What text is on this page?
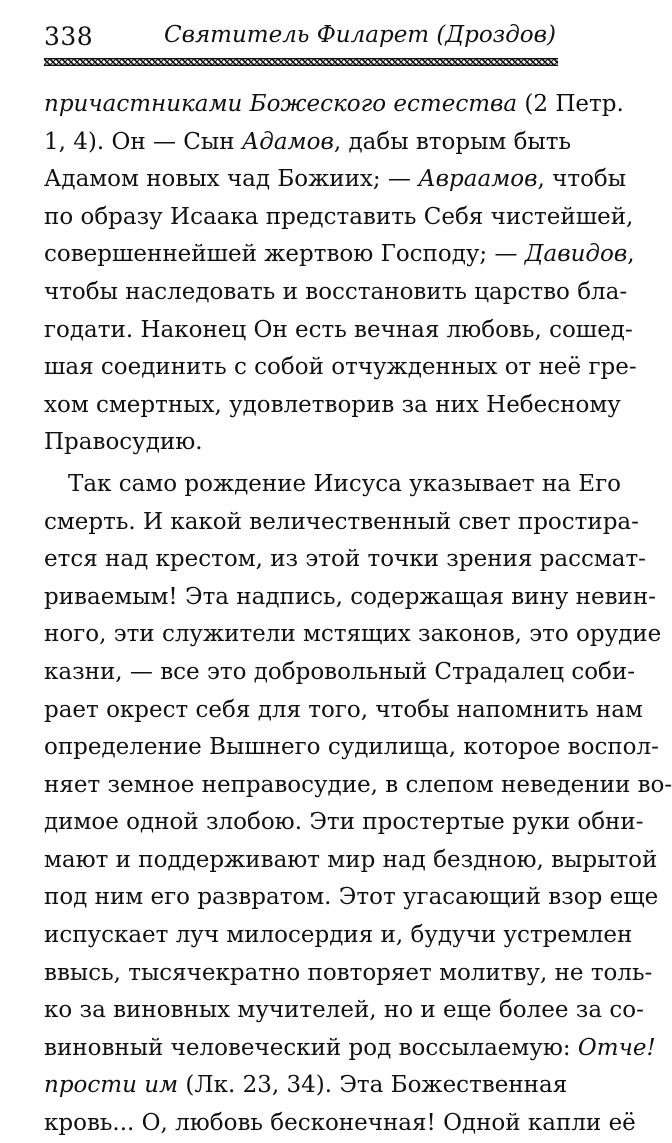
338	Святитель Филарет (Дроздов)
причастниками Божеского естества (2 Петр.
1, 4). Он — Сын Адамов, дабы вторым быть
Адамом новых чад Божиих; — Авраамов, чтобы
по образу Исаака представить Себя чистейшей,
совершеннейшей жертвою Господу; — Давидов,
чтобы наследовать и восстановить царство бла-
годати. Наконец Он есть вечная любовь, сошед-
шая соединить с собой отчужденных от неё гре-
хом смертных, удовлетворив за них Небесному
Правосудию.
Так само рождение Иисуса указывает на Его
смерть. И какой величественный свет простира-
ется над крестом, из этой точки зрения рассмат-
риваемым! Эта надпись, содержащая вину невин-
ного, эти служители мстящих законов, это орудие
казни, — все это добровольный Страдалец соби-
рает окрест себя для того, чтобы напомнить нам
определение Вышнего судилища, которое воспол-
няет земное неправосудие, в слепом неведении во-
димое одной злобою. Эти простертые руки обни-
мают и поддерживают мир над бездною, вырытой
под ним его развратом. Этот угасающий взор еще
испускает луч милосердия и, будучи устремлен
ввысь, тысячекратно повторяет молитву, не толь-
ко за виновных мучителей, но и еще более за со-
виновный человеческий род воссылаемую: Отче!
прости им (Лк. 23, 34). Эта Божественная
кровь... О, любовь бесконечная! Одной капли её
